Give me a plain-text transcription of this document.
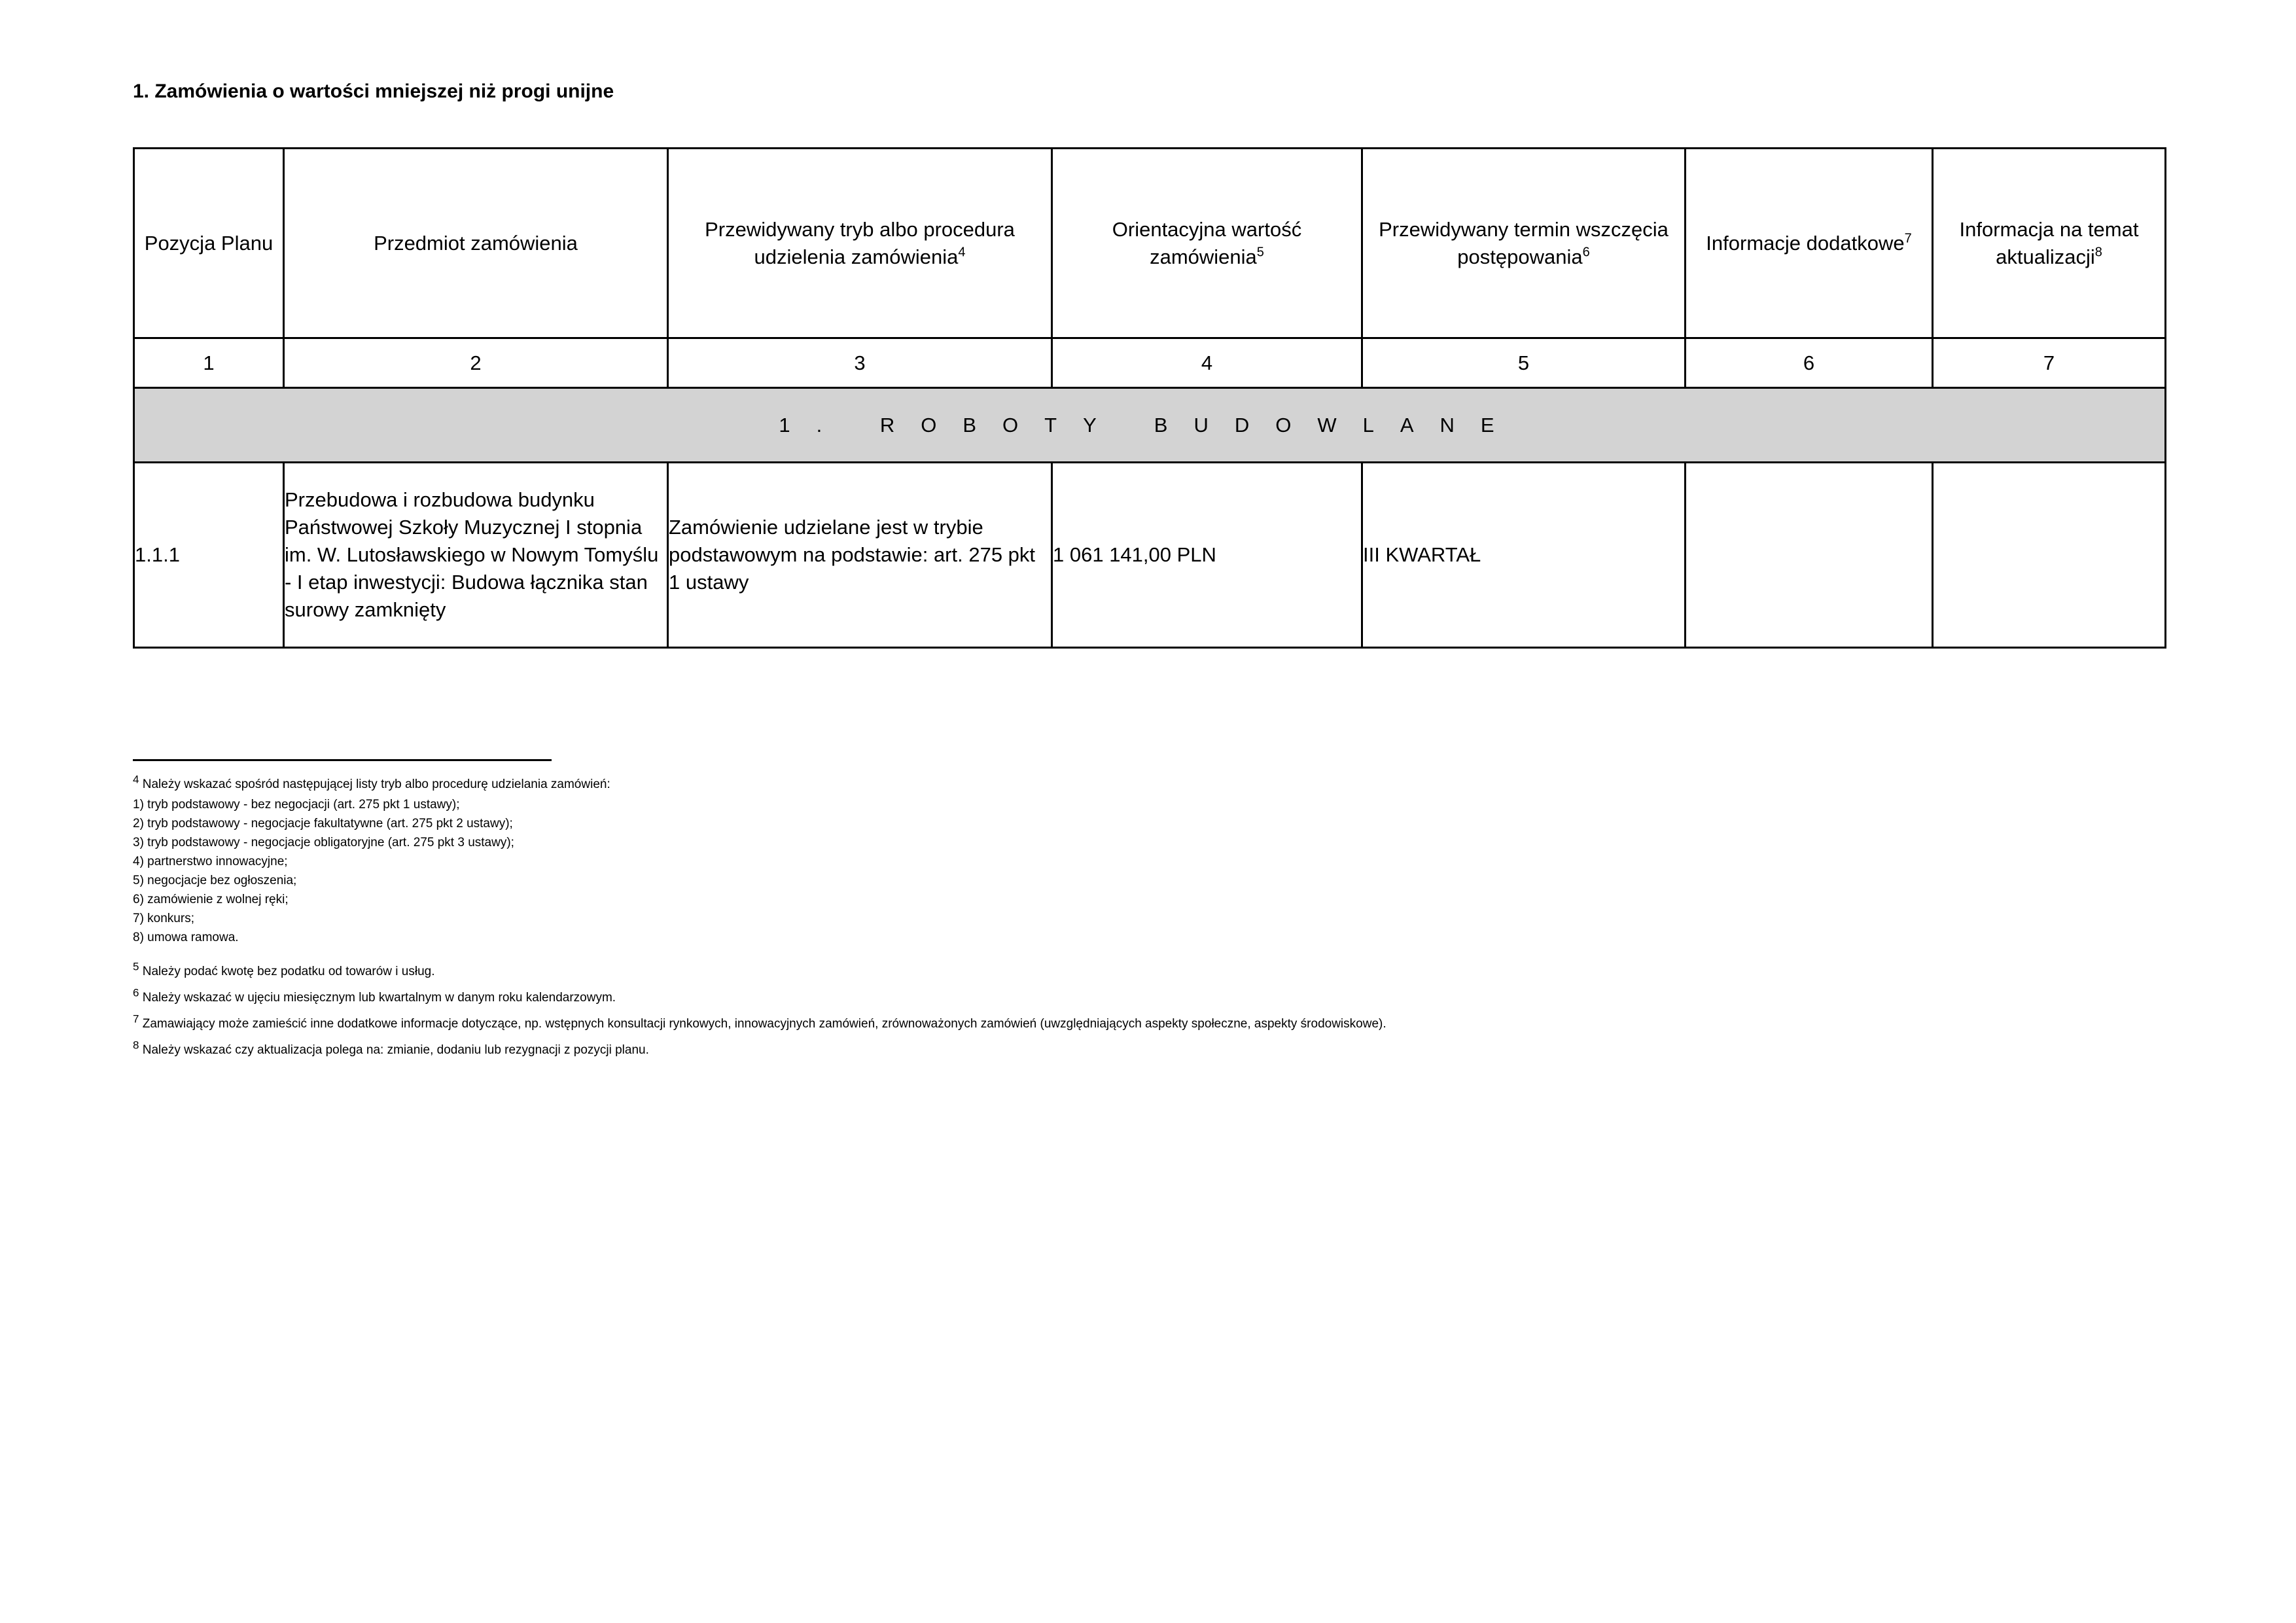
1. Zamówienia o wartości mniejszej niż progi unijne
Pozycja Planu	Przedmiot zamówienia	Przewidywany tryb albo procedura udzielenia zamówienia$^4$	Orientacyjna wartość zamówienia$^5$	Przewidywany termin wszczęcia postępowania$^6$	Informacje dodatkowe$^7$	Informacja na temat aktualizacji$^8$
1	2	3	4	5	6	7
1. ROBOTY BUDOWLANE						
1.1.1	Przebudowa i rozbudowa budynku Państwowej Szkoły Muzycznej I stopnia im. W. Lutosławskiego w Nowym Tomyślu - I etap inwestycji: Budowa łącznika stan surowy zamknięty	Zamówienie udzielane jest w trybie podstawowym na podstawie: art. 275 pkt 1 ustawy	1 061 141,00 PLN	III KWARTAŁ		
$^4$ Należy wskazać spośród następującej listy tryb albo procedurę udzielania zamówień:
1) tryb podstawowy - bez negocjacji (art. 275 pkt 1 ustawy);
2) tryb podstawowy - negocjacje fakultatywne (art. 275 pkt 2 ustawy);
3) tryb podstawowy - negocjacje obligatoryjne (art. 275 pkt 3 ustawy);
4) partnerstwo innowacyjne;
5) negocjacje bez ogłoszenia;
6) zamówienie z wolnej ręki;
7) konkurs;
8) umowa ramowa.
$^5$ Należy podać kwotę bez podatku od towarów i usług.
$^6$ Należy wskazać w ujęciu miesięcznym lub kwartalnym w danym roku kalendarzowym.
$^7$ Zamawiający może zamieścić inne dodatkowe informacje dotyczące, np. wstępnych konsultacji rynkowych, innowacyjnych zamówień, zrównoważonych zamówień (uwzględniających aspekty społeczne, aspekty środowiskowe).
$^8$ Należy wskazać czy aktualizacja polega na: zmianie, dodaniu lub rezygnacji z pozycji planu.
